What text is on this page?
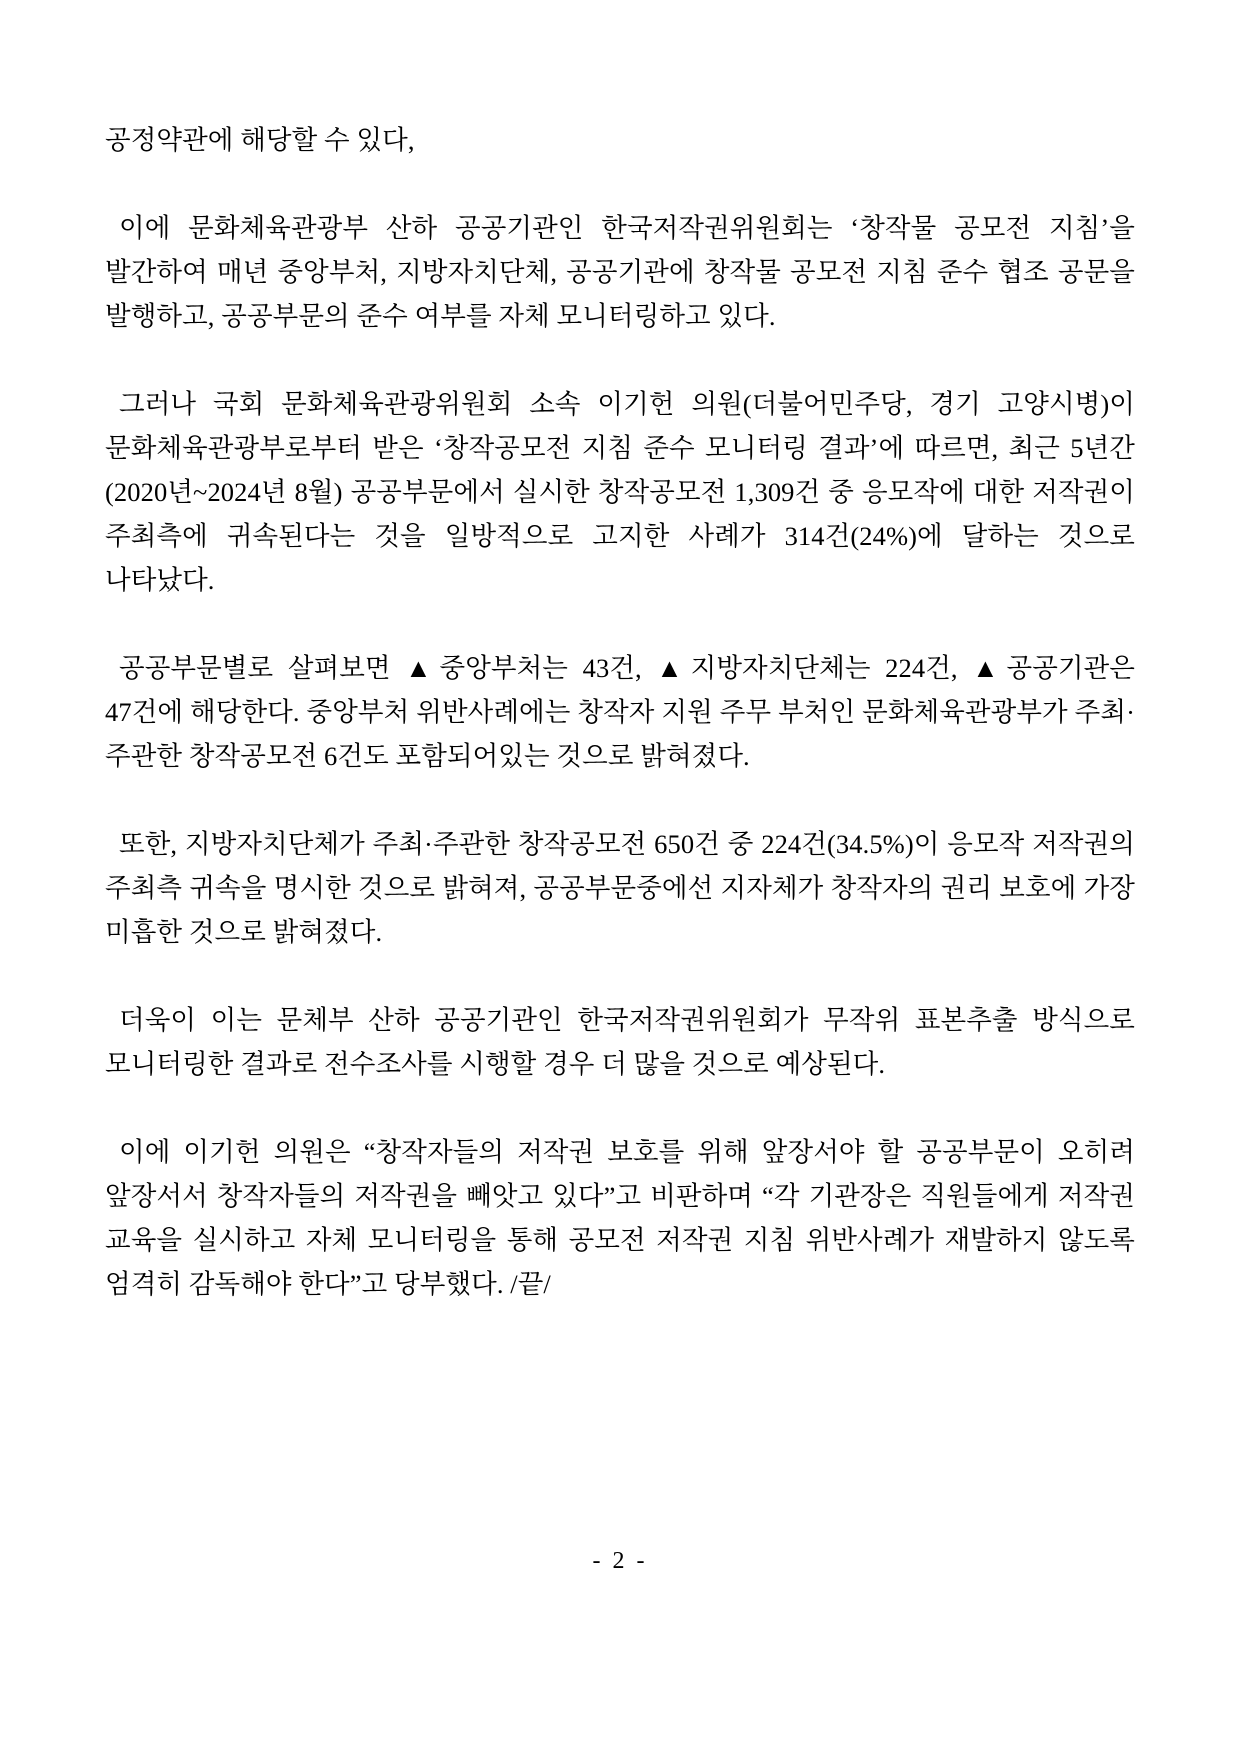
공정약관에 해당할 수 있다,

이에 문화체육관광부 산하 공공기관인 한국저작권위원회는 ‘창작물 공모전 지침’을 발간하여 매년 중앙부처, 지방자치단체, 공공기관에 창작물 공모전 지침 준수 협조 공문을 발행하고, 공공부문의 준수 여부를 자체 모니터링하고 있다.

그러나 국회 문화체육관광위원회 소속 이기헌 의원(더불어민주당, 경기 고양시병)이 문화체육관광부로부터 받은 ‘창작공모전 지침 준수 모니터링 결과’에 따르면, 최근 5년간(2020년~2024년 8월) 공공부문에서 실시한 창작공모전 1,309건 중 응모작에 대한 저작권이 주최측에 귀속된다는 것을 일방적으로 고지한 사례가 314건(24%)에 달하는 것으로 나타났다.

공공부문별로 살펴보면 ▲중앙부처는 43건, ▲지방자치단체는 224건, ▲공공기관은 47건에 해당한다. 중앙부처 위반사례에는 창작자 지원 주무 부처인 문화체육관광부가 주최·주관한 창작공모전 6건도 포함되어있는 것으로 밝혀졌다.

또한, 지방자치단체가 주최·주관한 창작공모전 650건 중 224건(34.5%)이 응모작 저작권의 주최측 귀속을 명시한 것으로 밝혀져, 공공부문중에선 지자체가 창작자의 권리 보호에 가장 미흡한 것으로 밝혀졌다.

더욱이 이는 문체부 산하 공공기관인 한국저작권위원회가 무작위 표본추출 방식으로 모니터링한 결과로 전수조사를 시행할 경우 더 많을 것으로 예상된다.

이에 이기헌 의원은 “창작자들의 저작권 보호를 위해 앞장서야 할 공공부문이 오히려 앞장서서 창작자들의 저작권을 빼앗고 있다”고 비판하며 “각 기관장은 직원들에게 저작권 교육을 실시하고 자체 모니터링을 통해 공모전 저작권 지침 위반사례가 재발하지 않도록 엄격히 감독해야 한다”고 당부했다. /끝/

- 2 -
